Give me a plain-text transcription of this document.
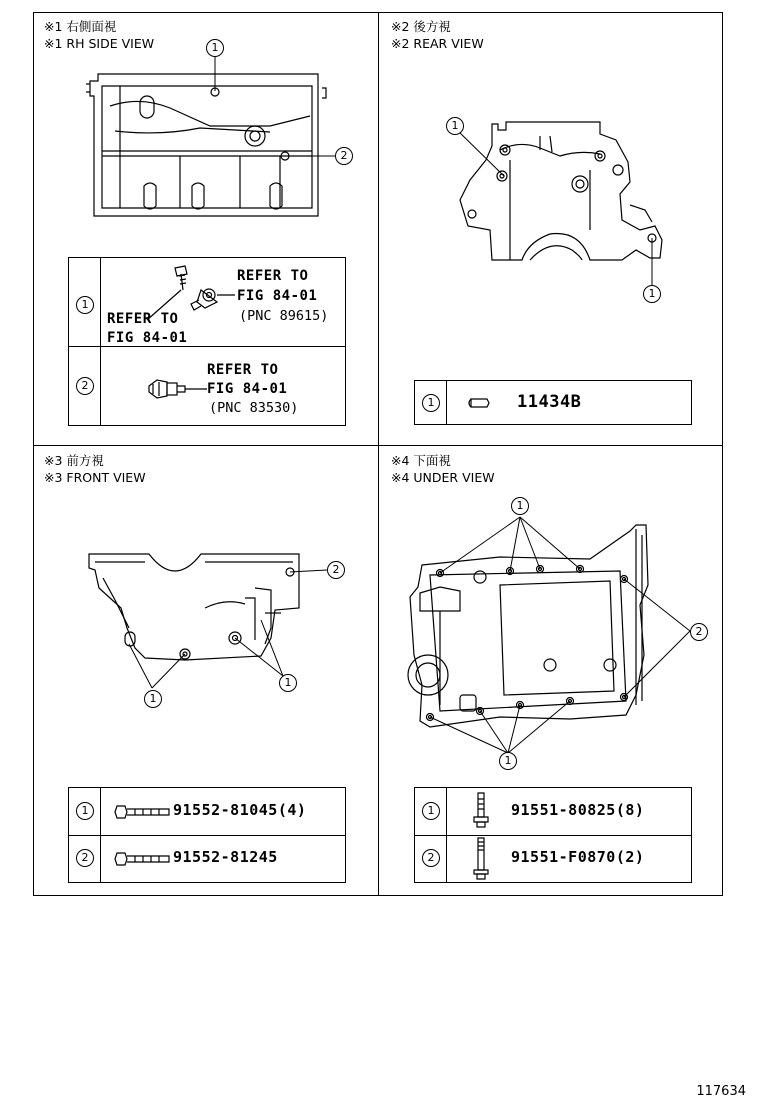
※1 右側面視
※1 RH SIDE VIEW	1
2
1
2
REFER TO
FIG 84-01
(PNC 89615)
REFER TO
FIG 84-01
REFER TO
FIG 84-01
(PNC 83530)
※2 後方視
※2 REAR VIEW
1
1
1	11434B
※3 前方視
※3 FRONT VIEW
1
1
2
1
2
91552-81045(4)
91552-81245
※4 下面視
※4 UNDER VIEW
1
1
2
1
2
91551-80825(8)
91551-F0870(2)
117634
